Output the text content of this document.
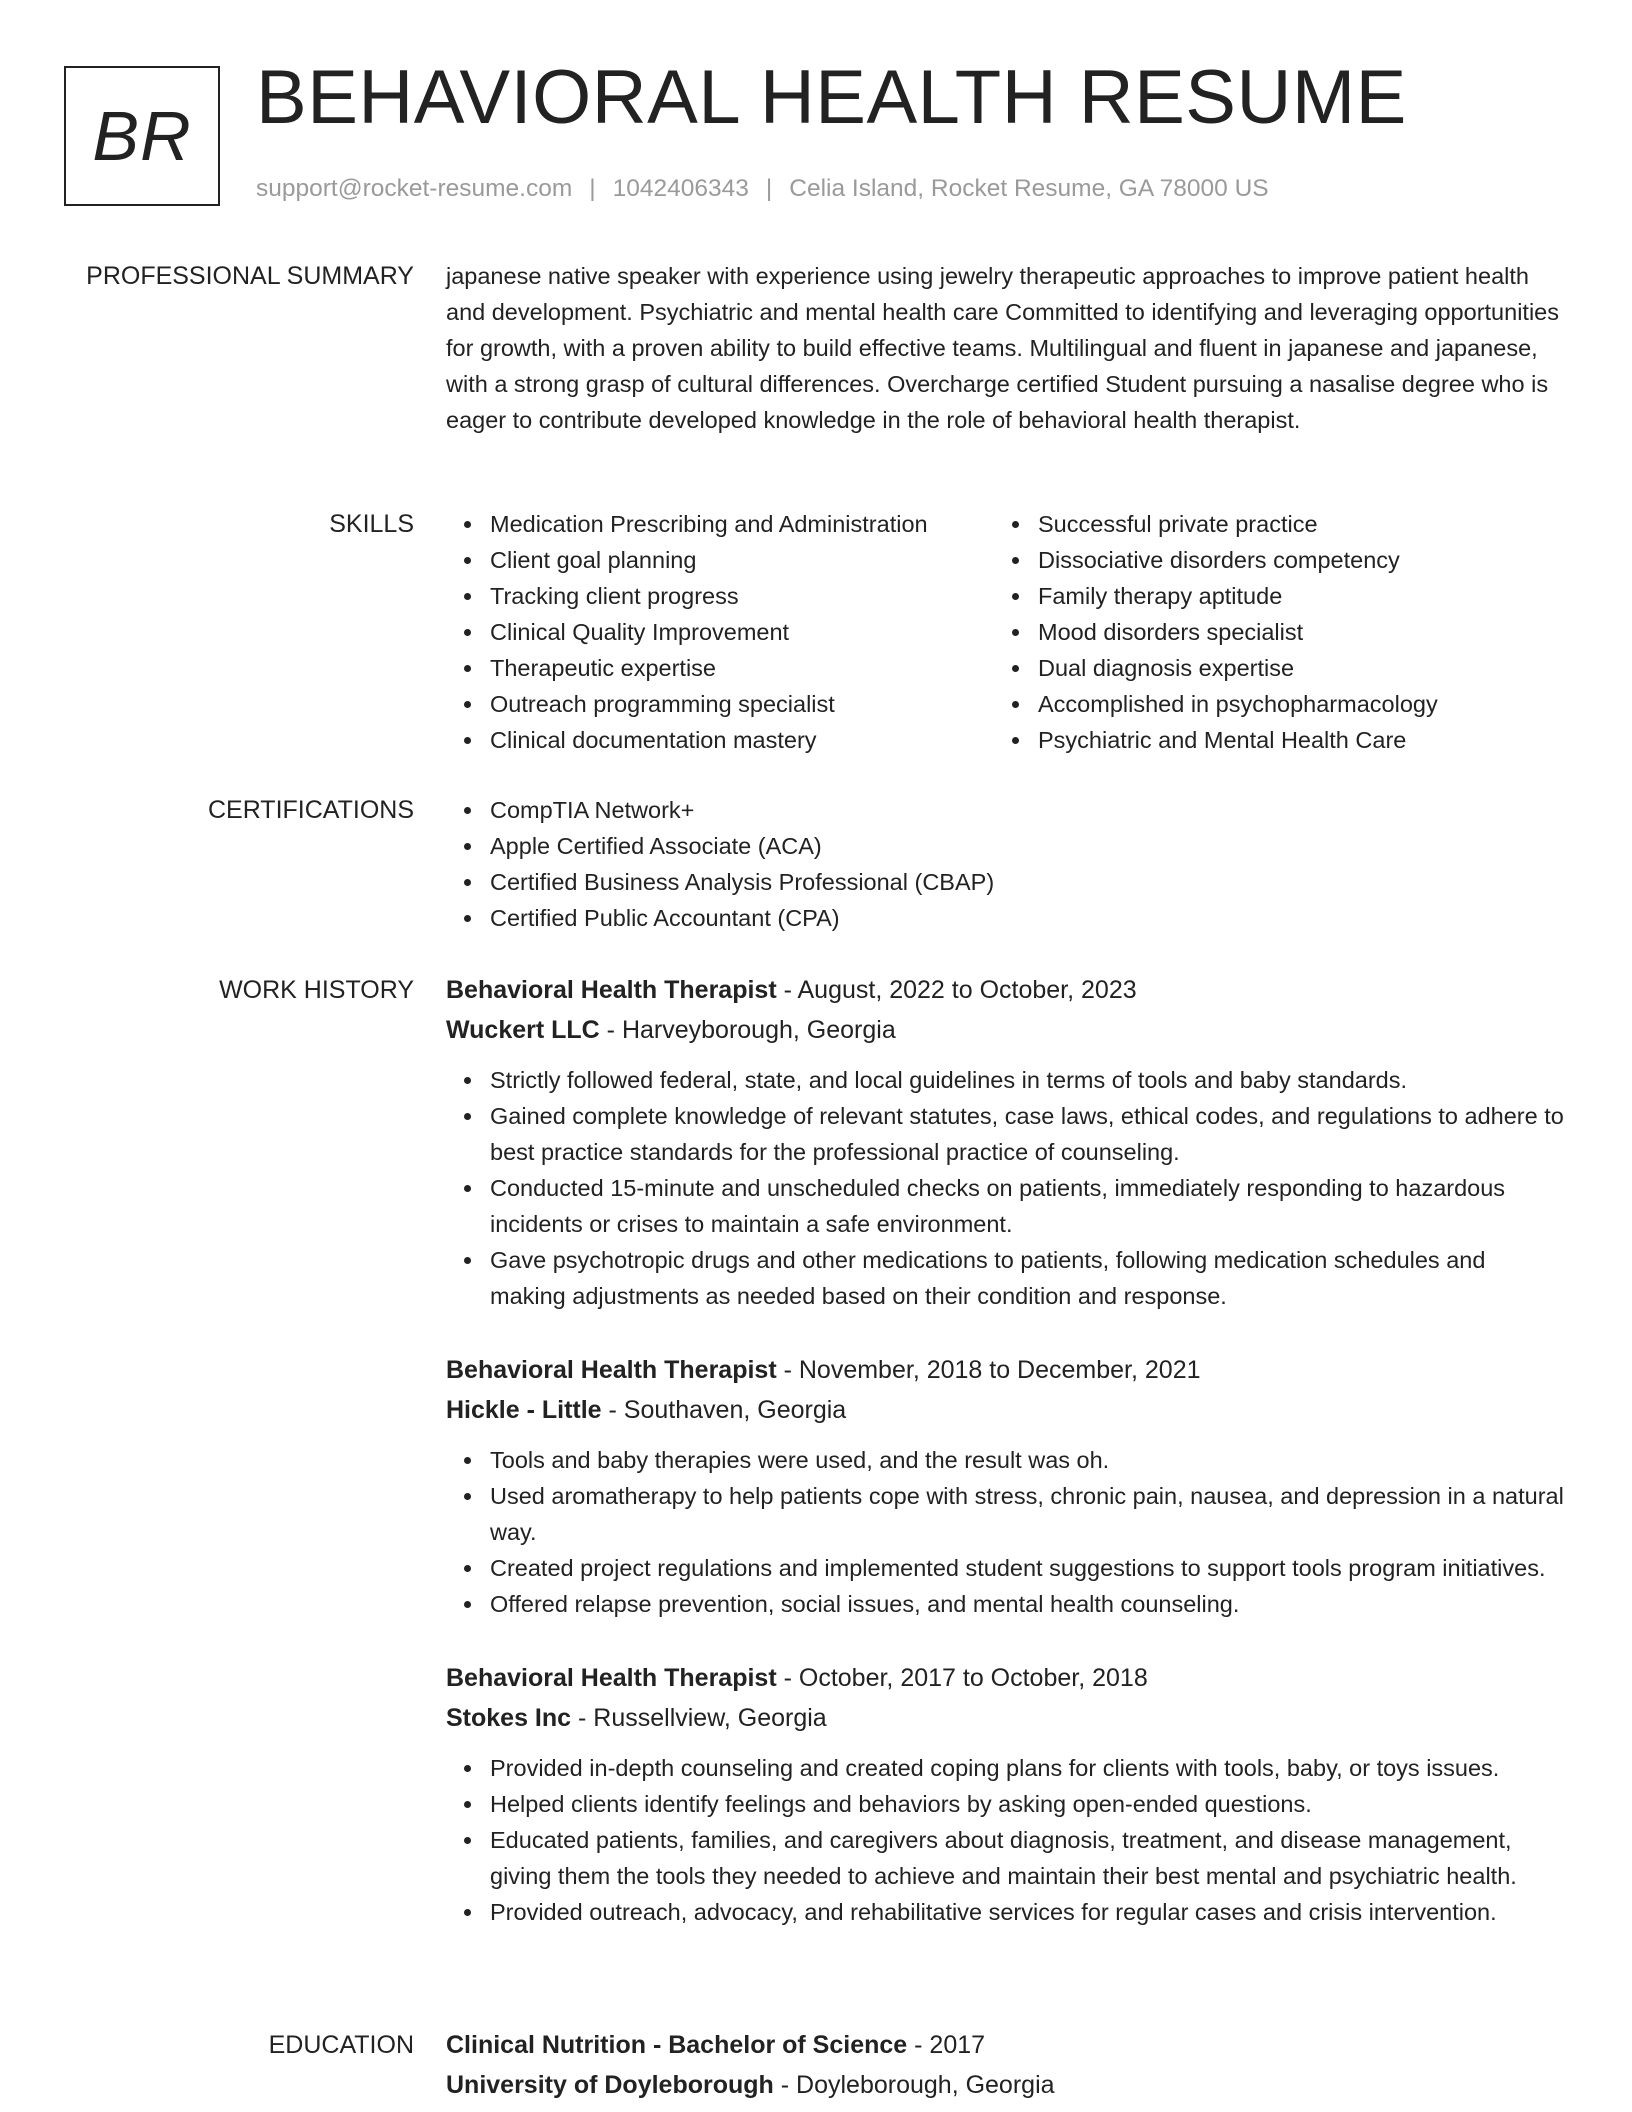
BR BEHAVIORAL HEALTH RESUME
support@rocket-resume.com | 1042406343 | Celia Island, Rocket Resume, GA 78000 US
PROFESSIONAL SUMMARY japanese native speaker with experience using jewelry therapeutic approaches to improve patient health and development. Psychiatric and mental health care Committed to identifying and leveraging opportunities for growth, with a proven ability to build effective teams. Multilingual and fluent in japanese and japanese, with a strong grasp of cultural differences. Overcharge certified Student pursuing a nasalise degree who is eager to contribute developed knowledge in the role of behavioral health therapist.

SKILLS	Medication Prescribing and Administration
Client goal planning
Tracking client progress
Clinical Quality Improvement
Therapeutic expertise
Outreach programming specialist
Clinical documentation mastery
Successful private practice
Dissociative disorders competency
Family therapy aptitude
Mood disorders specialist
Dual diagnosis expertise
Accomplished in psychopharmacology
Psychiatric and Mental Health Care
CERTIFICATIONS	CompTIA Network+
Apple Certified Associate (ACA)
Certified Business Analysis Professional (CBAP)
Certified Public Accountant (CPA)
WORK HISTORY Behavioral Health Therapist - August, 2022 to October, 2023
Wuckert LLC - Harveyborough, Georgia
Strictly followed federal, state, and local guidelines in terms of tools and baby standards.
Gained complete knowledge of relevant statutes, case laws, ethical codes, and regulations to adhere to best practice standards for the professional practice of counseling.
Conducted 15-minute and unscheduled checks on patients, immediately responding to hazardous incidents or crises to maintain a safe environment.
Gave psychotropic drugs and other medications to patients, following medication schedules and making adjustments as needed based on their condition and response.
Behavioral Health Therapist - November, 2018 to December, 2021
Hickle - Little - Southaven, Georgia
Tools and baby therapies were used, and the result was oh.
Used aromatherapy to help patients cope with stress, chronic pain, nausea, and depression in a natural way.
Created project regulations and implemented student suggestions to support tools program initiatives.
Offered relapse prevention, social issues, and mental health counseling.
Behavioral Health Therapist - October, 2017 to October, 2018
Stokes Inc - Russellview, Georgia
Provided in-depth counseling and created coping plans for clients with tools, baby, or toys issues.
Helped clients identify feelings and behaviors by asking open-ended questions.
Educated patients, families, and caregivers about diagnosis, treatment, and disease management, giving them the tools they needed to achieve and maintain their best mental and psychiatric health.
Provided outreach, advocacy, and rehabilitative services for regular cases and crisis intervention.
EDUCATION Clinical Nutrition - Bachelor of Science - 2017
University of Doyleborough - Doyleborough, Georgia
